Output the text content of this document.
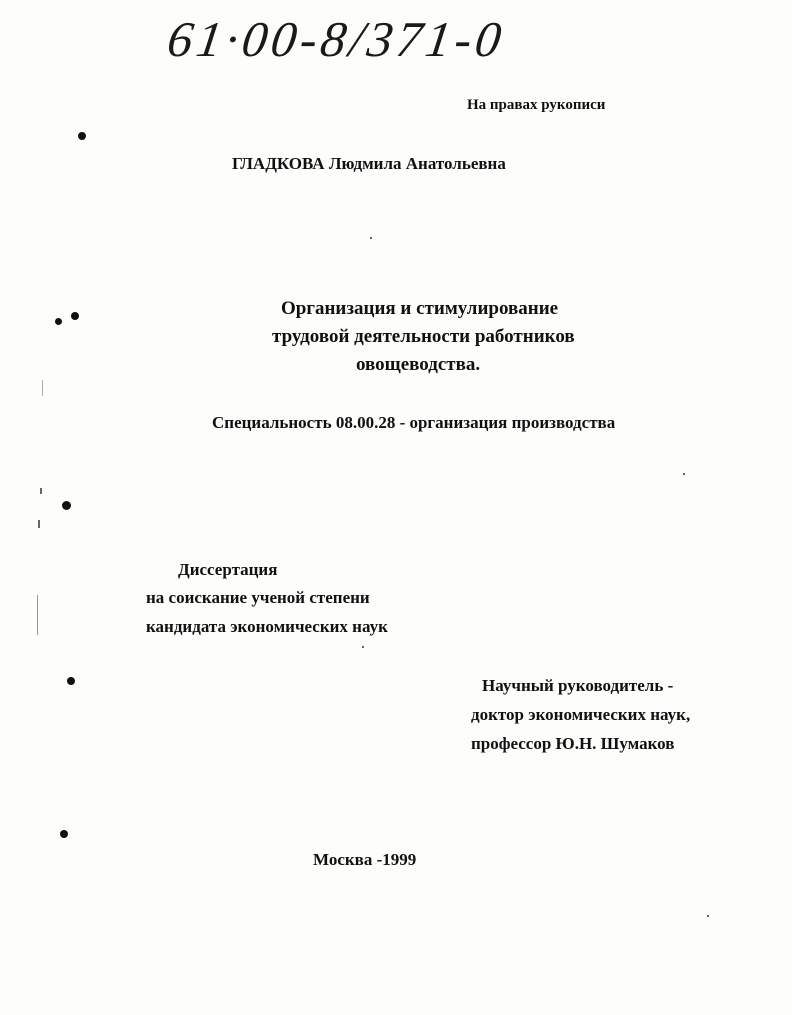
61·00-8/371-0
На правах рукописи
ГЛАДКОВА Людмила Анатольевна
Организация и стимулирование
трудовой деятельности работников
овощеводства.
Специальность 08.00.28 - организация производства
Диссертация
на соискание ученой степени
кандидата экономических наук
Научный руководитель -
доктор экономических наук,
профессор Ю.Н. Шумаков
Москва -1999
